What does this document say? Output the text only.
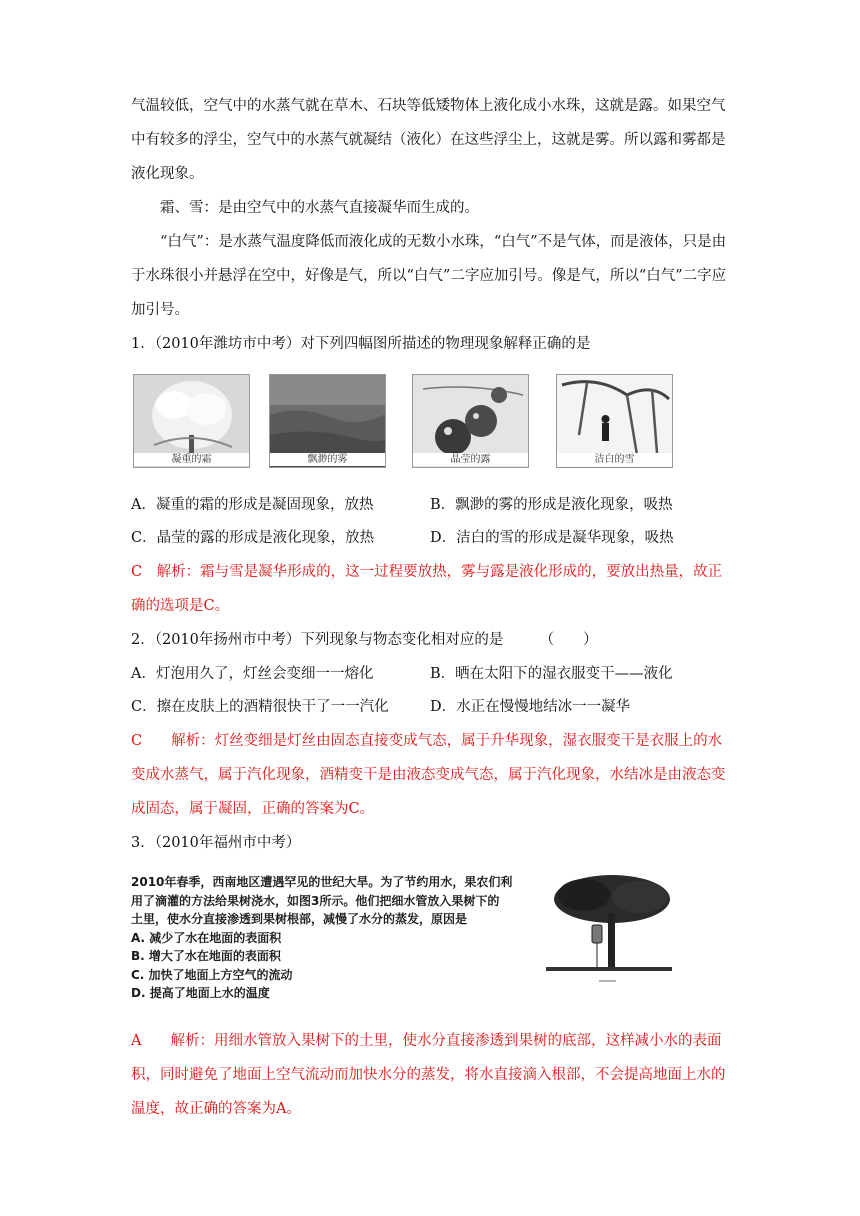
气温较低，空气中的水蒸气就在草木、石块等低矮物体上液化成小水珠，这就是露。如果空气中有较多的浮尘，空气中的水蒸气就凝结（液化）在这些浮尘上，这就是雾。所以露和雾都是液化现象。

霜、雪：是由空气中的水蒸气直接凝华而生成的。

“白气”：是水蒸气温度降低而液化成的无数小水珠，“白气”不是气体，而是液体，只是由于水珠很小并悬浮在空中，好像是气，所以“白气”二字应加引号。像是气，所以“白气”二字应加引号。

1．（2010年潍坊市中考）对下列四幅图所描述的物理现象解释正确的是

凝重的霜	飘渺的雾	晶莹的露	洁白的雪
A．凝重的霜的形成是凝固现象，放热	B．飘渺的雾的形成是液化现象，吸热
C．晶莹的露的形成是液化现象，放热	D．洁白的雪的形成是凝华现象，吸热

C　解析：霜与雪是凝华形成的，这一过程要放热，雾与露是液化形成的，要放出热量，故正确的选项是C。

2．（2010年扬州市中考）下列现象与物态变化相对应的是　　　（　　）

A．灯泡用久了，灯丝会变细一一熔化	B．晒在太阳下的湿衣服变干——液化
C．擦在皮肤上的酒精很快干了一一汽化	D．水正在慢慢地结冰一一凝华

C　　解析：灯丝变细是灯丝由固态直接变成气态，属于升华现象，湿衣服变干是衣服上的水变成水蒸气，属于汽化现象，酒精变干是由液态变成气态，属于汽化现象，水结冰是由液态变成固态，属于凝固，正确的答案为C。

3．（2010年福州市中考）

2010年春季，西南地区遭遇罕见的世纪大旱。为了节约用水，果农们利
用了滴灌的方法给果树浇水，如图3所示。他们把细水管放入果树下的
土里，使水分直接渗透到果树根部，减慢了水分的蒸发，原因是
A. 减少了水在地面的表面积
B. 增大了水在地面的表面积
C. 加快了地面上方空气的流动
D. 提高了地面上水的温度

A　　解析：用细水管放入果树下的土里，使水分直接渗透到果树的底部，这样减小水的表面积，同时避免了地面上空气流动而加快水分的蒸发，将水直接滴入根部，不会提高地面上水的温度，故正确的答案为A。
